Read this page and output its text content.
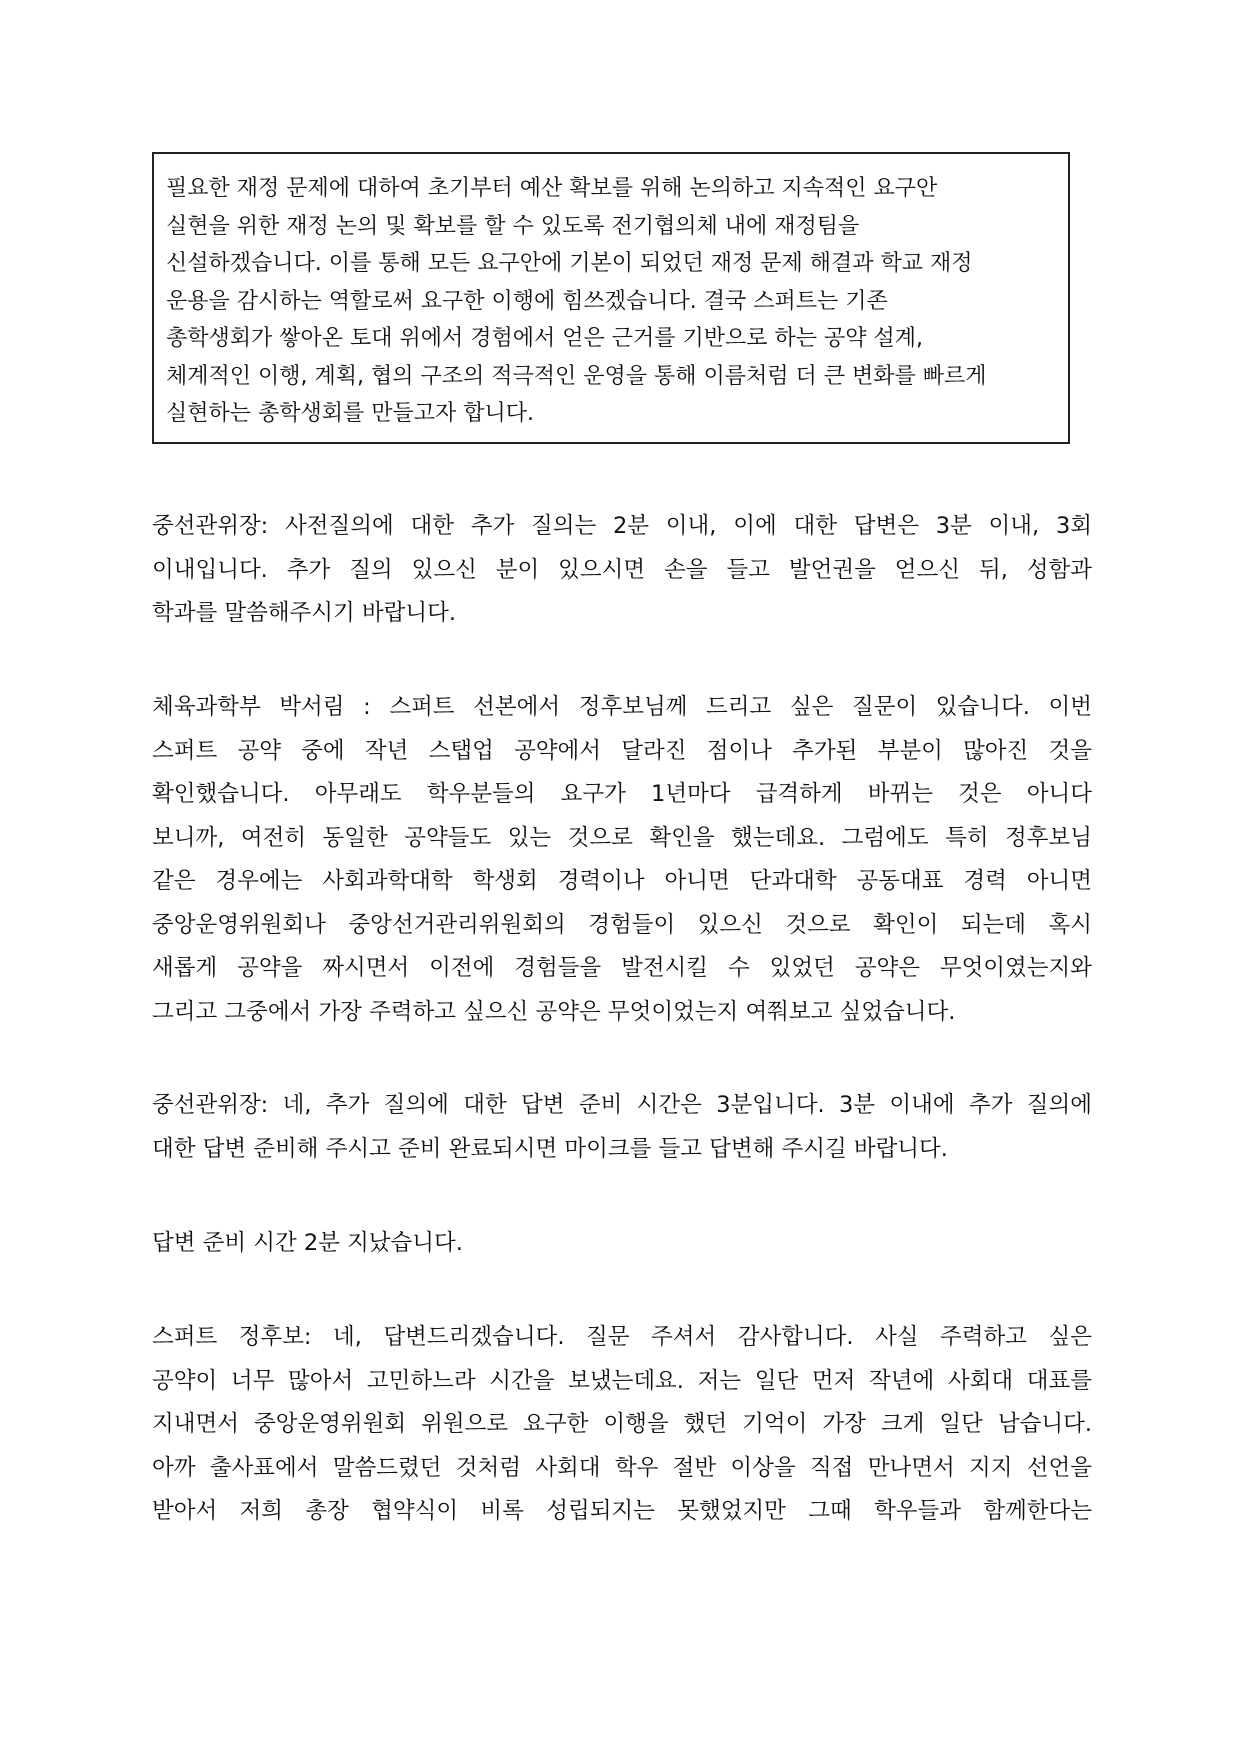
필요한 재정 문제에 대하여 초기부터 예산 확보를 위해 논의하고 지속적인 요구안
실현을 위한 재정 논의 및 확보를 할 수 있도록 전기협의체 내에 재정팀을
신설하겠습니다. 이를 통해 모든 요구안에 기본이 되었던 재정 문제 해결과 학교 재정
운용을 감시하는 역할로써 요구한 이행에 힘쓰겠습니다. 결국 스퍼트는 기존
총학생회가 쌓아온 토대 위에서 경험에서 얻은 근거를 기반으로 하는 공약 설계,
체계적인 이행, 계획, 협의 구조의 적극적인 운영을 통해 이름처럼 더 큰 변화를 빠르게
실현하는 총학생회를 만들고자 합니다.
중선관위장: 사전질의에 대한 추가 질의는 2분 이내, 이에 대한 답변은 3분 이내, 3회
이내입니다. 추가 질의 있으신 분이 있으시면 손을 들고 발언권을 얻으신 뒤, 성함과
학과를 말씀해주시기 바랍니다.
체육과학부 박서림 : 스퍼트 선본에서 정후보님께 드리고 싶은 질문이 있습니다. 이번
스퍼트 공약 중에 작년 스탭업 공약에서 달라진 점이나 추가된 부분이 많아진 것을
확인했습니다. 아무래도 학우분들의 요구가 1년마다 급격하게 바뀌는 것은 아니다
보니까, 여전히 동일한 공약들도 있는 것으로 확인을 했는데요. 그럼에도 특히 정후보님
같은 경우에는 사회과학대학 학생회 경력이나 아니면 단과대학 공동대표 경력 아니면
중앙운영위원회나 중앙선거관리위원회의 경험들이 있으신 것으로 확인이 되는데 혹시
새롭게 공약을 짜시면서 이전에 경험들을 발전시킬 수 있었던 공약은 무엇이였는지와
그리고 그중에서 가장 주력하고 싶으신 공약은 무엇이었는지 여쭤보고 싶었습니다.
중선관위장: 네, 추가 질의에 대한 답변 준비 시간은 3분입니다. 3분 이내에 추가 질의에
대한 답변 준비해 주시고 준비 완료되시면 마이크를 들고 답변해 주시길 바랍니다.
답변 준비 시간 2분 지났습니다.
스퍼트 정후보: 네, 답변드리겠습니다. 질문 주셔서 감사합니다. 사실 주력하고 싶은
공약이 너무 많아서 고민하느라 시간을 보냈는데요. 저는 일단 먼저 작년에 사회대 대표를
지내면서 중앙운영위원회 위원으로 요구한 이행을 했던 기억이 가장 크게 일단 남습니다.
아까 출사표에서 말씀드렸던 것처럼 사회대 학우 절반 이상을 직접 만나면서 지지 선언을
받아서 저희 총장 협약식이 비록 성립되지는 못했었지만 그때 학우들과 함께한다는
